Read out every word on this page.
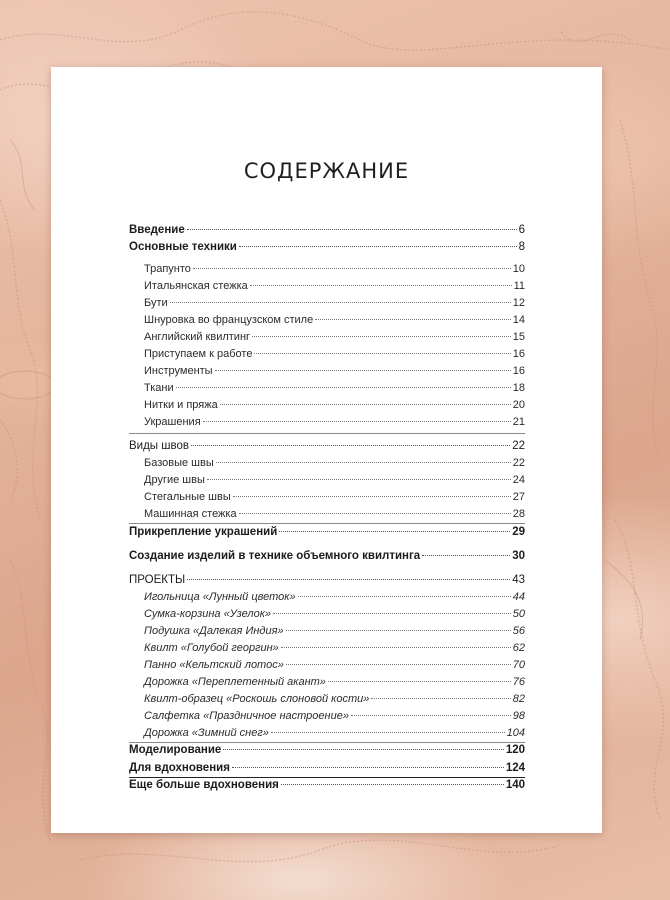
СОДЕРЖАНИЕ
Введение	6
Основные техники	8
Трапунто	10
Итальянская стежка	11
Бути	12
Шнуровка во французском стиле	14
Английский квилтинг	15
Приступаем к работе	16
Инструменты	16
Ткани	18
Нитки и пряжа	20
Украшения	21
Виды швов	22
Базовые швы	22
Другие швы	24
Стегальные швы	27
Машинная стежка	28
Прикрепление украшений	29
Создание изделий в технике объемного квилтинга	30
ПРОЕКТЫ	43
Игольница «Лунный цветок»	44
Сумка-корзина «Узелок»	50
Подушка «Далекая Индия»	56
Квилт «Голубой георгин»	62
Панно «Кельтский лотос»	70
Дорожка «Переплетенный акант»	76
Квилт-образец «Роскошь слоновой кости»	82
Салфетка «Праздничное настроение»	98
Дорожка «Зимний снег»	104
Моделирование	120
Для вдохновения	124
Еще больше вдохновения	140
